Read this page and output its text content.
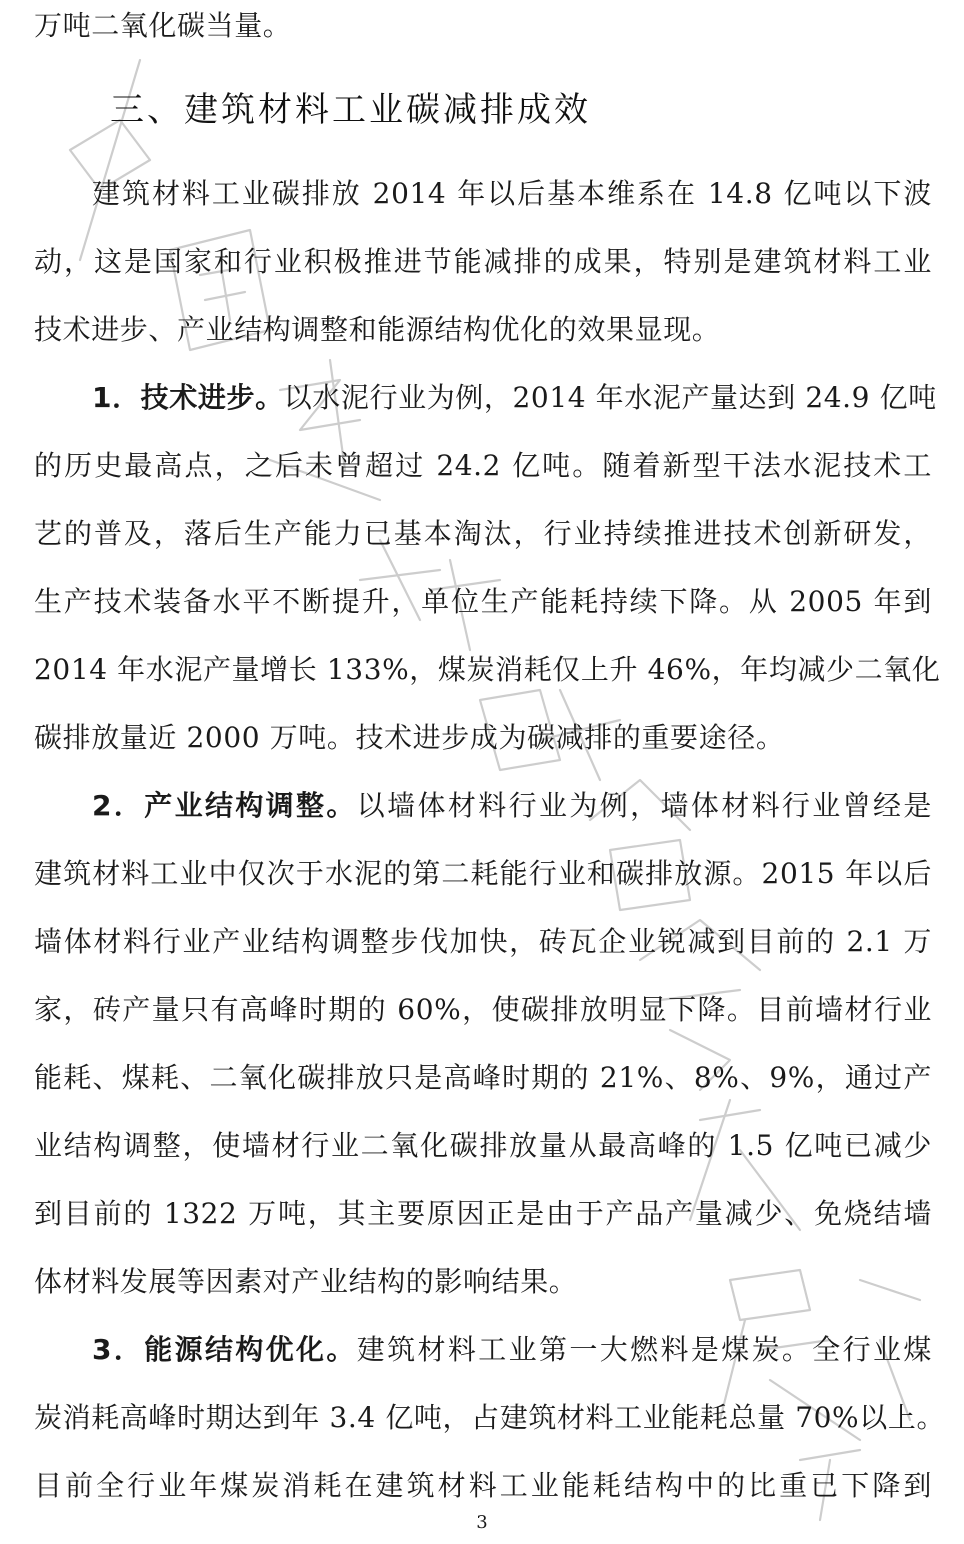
万吨二氧化碳当量。
三、建筑材料工业碳减排成效
建筑材料工业碳排放 2014 年以后基本维系在 14.8 亿吨以下波
动，这是国家和行业积极推进节能减排的成果，特别是建筑材料工业
技术进步、产业结构调整和能源结构优化的效果显现。
1．技术进步。以水泥行业为例，2014 年水泥产量达到 24.9 亿吨
的历史最高点，之后未曾超过 24.2 亿吨。随着新型干法水泥技术工
艺的普及，落后生产能力已基本淘汰，行业持续推进技术创新研发，
生产技术装备水平不断提升，单位生产能耗持续下降。从 2005 年到
2014 年水泥产量增长 133%，煤炭消耗仅上升 46%，年均减少二氧化
碳排放量近 2000 万吨。技术进步成为碳减排的重要途径。
2．产业结构调整。以墙体材料行业为例，墙体材料行业曾经是
建筑材料工业中仅次于水泥的第二耗能行业和碳排放源。2015 年以后
墙体材料行业产业结构调整步伐加快，砖瓦企业锐减到目前的 2.1 万
家，砖产量只有高峰时期的 60%，使碳排放明显下降。目前墙材行业
能耗、煤耗、二氧化碳排放只是高峰时期的 21%、8%、9%，通过产
业结构调整，使墙材行业二氧化碳排放量从最高峰的 1.5 亿吨已减少
到目前的 1322 万吨，其主要原因正是由于产品产量减少、免烧结墙
体材料发展等因素对产业结构的影响结果。
3．能源结构优化。建筑材料工业第一大燃料是煤炭。全行业煤
炭消耗高峰时期达到年 3.4 亿吨，占建筑材料工业能耗总量 70%以上。
目前全行业年煤炭消耗在建筑材料工业能耗结构中的比重已下降到
3
